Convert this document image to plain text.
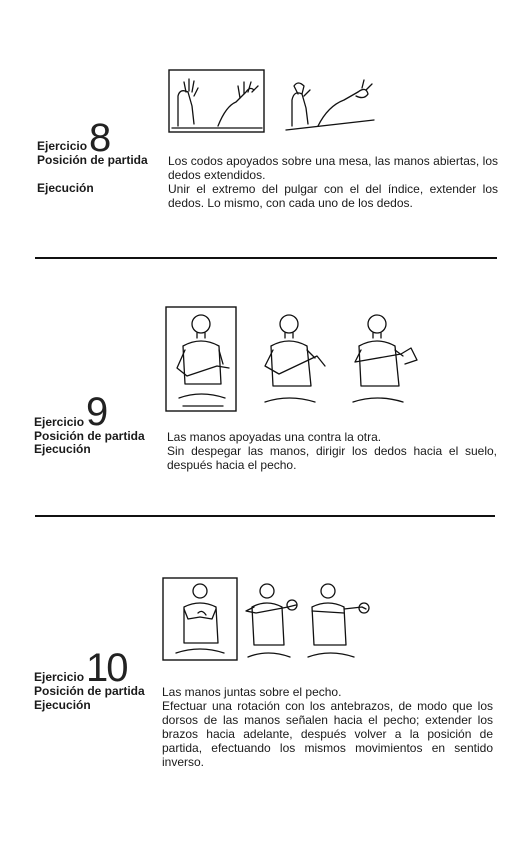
Ejercicio 8
Posición de partida
Ejecución
Los codos apoyados sobre una mesa, las manos abiertas, los dedos extendidos.
Unir el extremo del pulgar con el del índice, extender los dedos. Lo mismo, con cada uno de los dedos.
Ejercicio 9
Posición de partida
Ejecución
Las manos apoyadas una contra la otra.
Sin despegar las manos, dirigir los dedos hacia el suelo, después hacia el pecho.
Ejercicio 10
Posición de partida
Ejecución
Las manos juntas sobre el pecho.
Efectuar una rotación con los antebrazos, de modo que los dorsos de las manos señalen hacia el pecho; extender los brazos hacia adelante, después volver a la posición de partida, efectuando los mismos movimientos en sentido inverso.
